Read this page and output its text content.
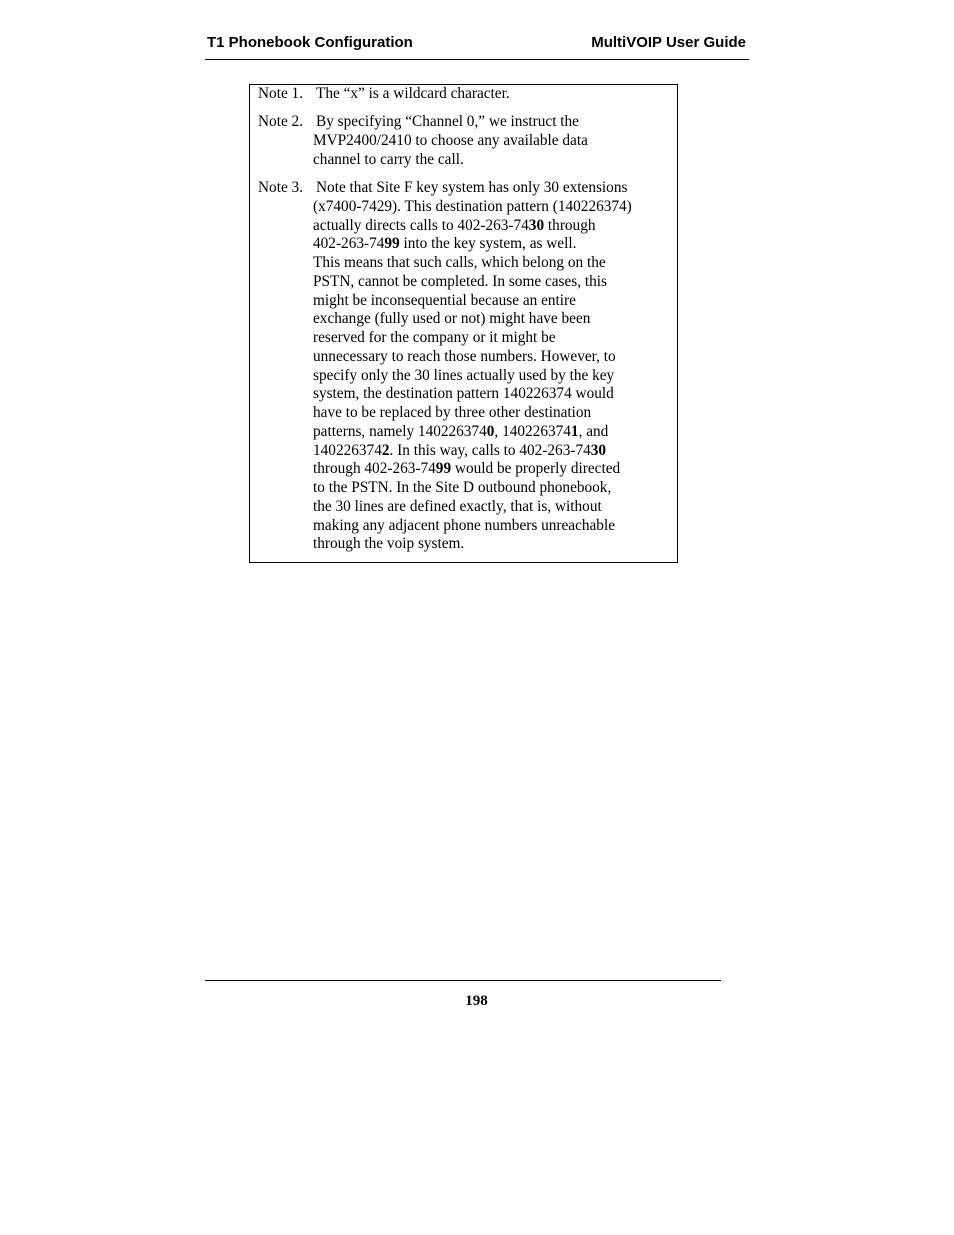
T1 Phonebook Configuration	MultiVOIP User Guide
Note 1. The “x” is a wildcard character.
Note 2. By specifying “Channel 0,” we instruct the
MVP2400/2410 to choose any available data
channel to carry the call.
Note 3. Note that Site F key system has only 30 extensions
(x7400-7429). This destination pattern (140226374)
actually directs calls to 402-263-7430 through
402-263-7499 into the key system, as well.
This means that such calls, which belong on the
PSTN, cannot be completed. In some cases, this
might be inconsequential because an entire
exchange (fully used or not) might have been
reserved for the company or it might be
unnecessary to reach those numbers. However, to
specify only the 30 lines actually used by the key
system, the destination pattern 140226374 would
have to be replaced by three other destination
patterns, namely 1402263740, 1402263741, and
1402263742. In this way, calls to 402-263-7430
through 402-263-7499 would be properly directed
to the PSTN. In the Site D outbound phonebook,
the 30 lines are defined exactly, that is, without
making any adjacent phone numbers unreachable
through the voip system.
198
